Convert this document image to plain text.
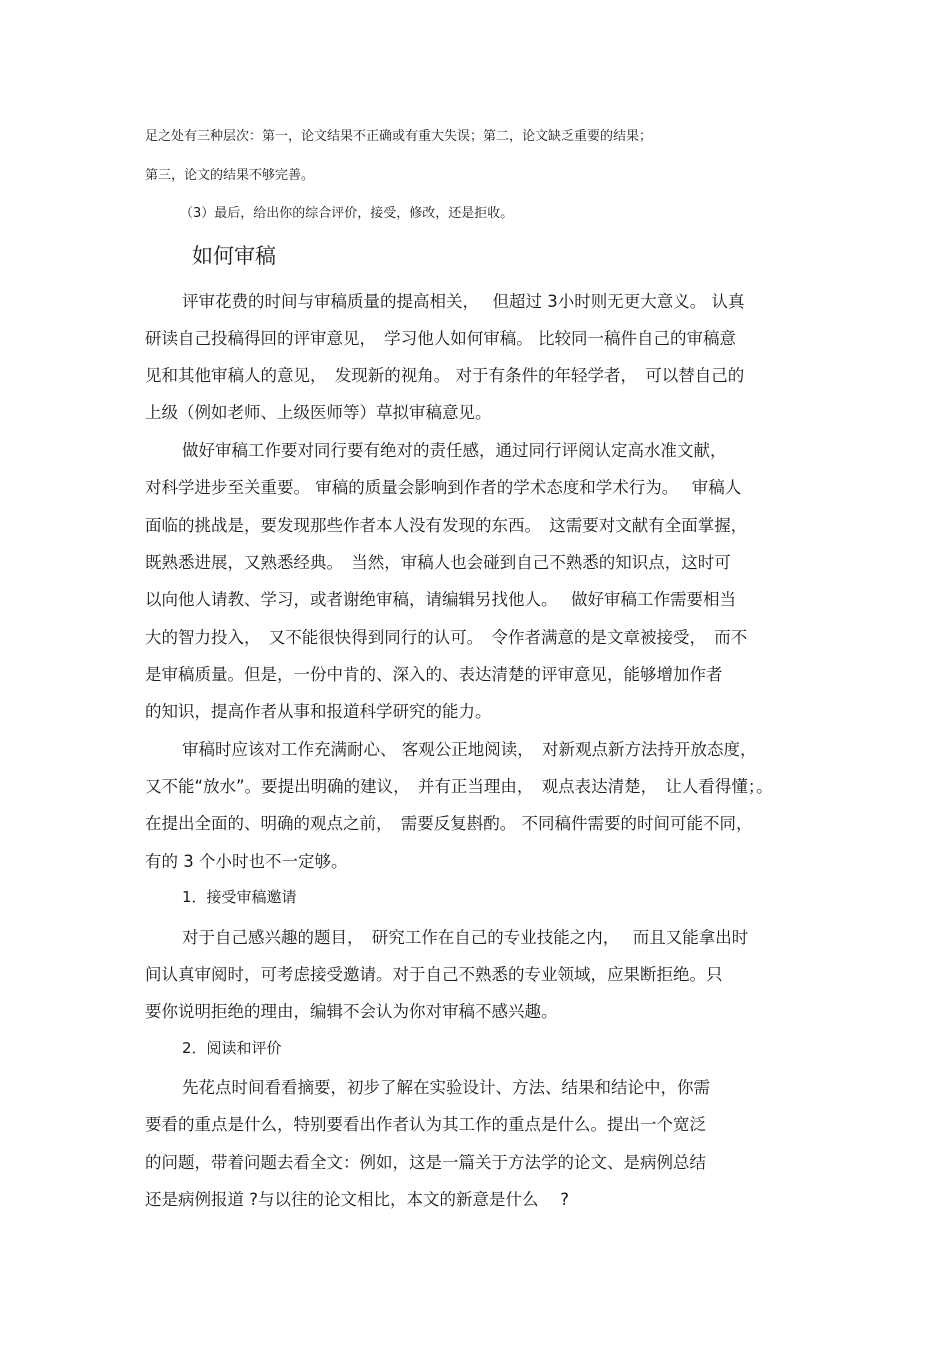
足之处有三种层次：第一，论文结果不正确或有重大失误；第二，论文缺乏重要的结果；

第三，论文的结果不够完善。

（3）最后，给出你的综合评价，接受，修改，还是拒收。

如何审稿

评审花费的时间与审稿质量的提高相关，　 但超过 3小时则无更大意义。 认真

研读自己投稿得回的评审意见，　学习他人如何审稿。 比较同一稿件自己的审稿意

见和其他审稿人的意见，　发现新的视角。 对于有条件的年轻学者，　可以替自己的

上级（例如老师、上级医师等）草拟审稿意见。

做好审稿工作要对同行要有绝对的责任感，通过同行评阅认定高水准文献，

对科学进步至关重要。 审稿的质量会影响到作者的学术态度和学术行为。　 审稿人

面临的挑战是，要发现那些作者本人没有发现的东西。　这需要对文献有全面掌握，

既熟悉进展，又熟悉经典。　当然，审稿人也会碰到自己不熟悉的知识点，这时可

以向他人请教、学习，或者谢绝审稿，请编辑另找他人。　 做好审稿工作需要相当

大的智力投入，　又不能很快得到同行的认可。　令作者满意的是文章被接受，　而不

是审稿质量。但是，一份中肯的、深入的、表达清楚的评审意见，能够增加作者

的知识，提高作者从事和报道科学研究的能力。

审稿时应该对工作充满耐心、 客观公正地阅读，　对新观点新方法持开放态度，

又不能“放水”。要提出明确的建议，　并有正当理由，　观点表达清楚，　让人看得懂；。

在提出全面的、明确的观点之前，　需要反复斟酌。 不同稿件需要的时间可能不同，

有的 3 个小时也不一定够。

1．接受审稿邀请

对于自己感兴趣的题目，　研究工作在自己的专业技能之内，　 而且又能拿出时

间认真审阅时，可考虑接受邀请。对于自己不熟悉的专业领域，应果断拒绝。只

要你说明拒绝的理由，编辑不会认为你对审稿不感兴趣。

2．阅读和评价

先花点时间看看摘要，初步了解在实验设计、方法、结果和结论中，你需

要看的重点是什么，特别要看出作者认为其工作的重点是什么。提出一个宽泛

的问题，带着问题去看全文：例如，这是一篇关于方法学的论文、是病例总结

还是病例报道 ?与以往的论文相比，本文的新意是什么　 ?
